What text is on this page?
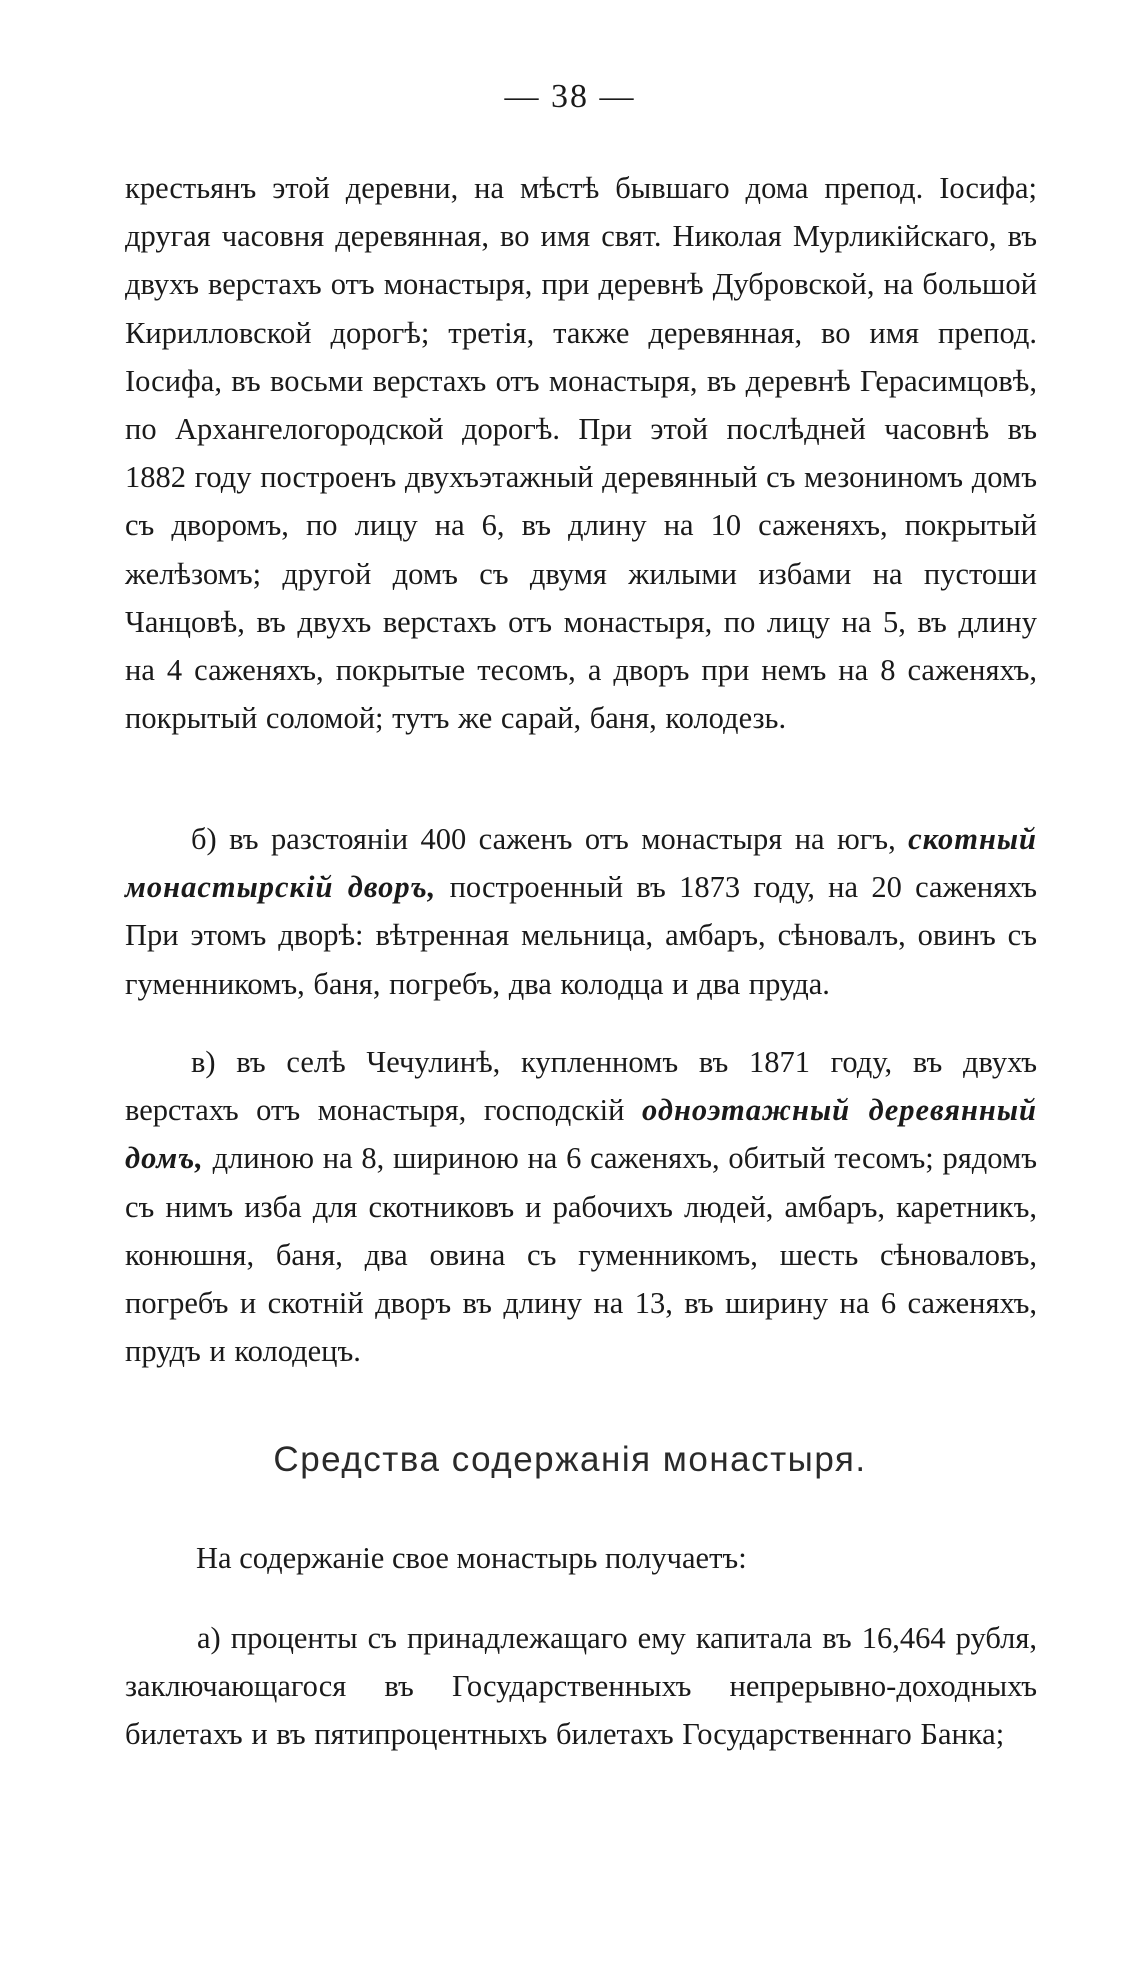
— 38 —

крестьянъ этой деревни, на мѣстѣ бывшаго дома препод. Іосифа; другая часовня деревянная, во имя свят. Николая Мурликійскаго, въ двухъ верстахъ отъ монастыря, при деревнѣ Дубровской, на большой Кирилловской дорогѣ; третія, также деревянная, во имя препод. Іосифа, въ восьми верстахъ отъ монастыря, въ деревнѣ Герасимцовѣ, по Архангелогородской дорогѣ. При этой послѣдней часовнѣ въ 1882 году построенъ двухъэтажный деревянный съ мезониномъ домъ съ дворомъ, по лицу на 6, въ длину на 10 саженяхъ, покрытый желѣзомъ; другой домъ съ двумя жилыми избами на пустоши Чанцовѣ, въ двухъ верстахъ отъ монастыря, по лицу на 5, въ длину на 4 саженяхъ, покрытые тесомъ, а дворъ при немъ на 8 саженяхъ, покрытый соломой; тутъ же сарай, баня, колодезь.

б) въ разстояніи 400 саженъ отъ монастыря на югъ, скотный монастырскій дворъ, построенный въ 1873 году, на 20 саженяхъ При этомъ дворѣ: вѣтренная мельница, амбаръ, сѣновалъ, овинъ съ гуменникомъ, баня, погребъ, два колодца и два пруда.

в) въ селѣ Чечулинѣ, купленномъ въ 1871 году, въ двухъ верстахъ отъ монастыря, господскій одноэтажный деревянный домъ, длиною на 8, шириною на 6 саженяхъ, обитый тесомъ; рядомъ съ нимъ изба для скотниковъ и рабочихъ людей, амбаръ, каретникъ, конюшня, баня, два овина съ гуменникомъ, шесть сѣноваловъ, погребъ и скотній дворъ въ длину на 13, въ ширину на 6 саженяхъ, прудъ и колодецъ.

Средства содержанія монастыря.
На содержаніе свое монастырь получаетъ:

а) проценты съ принадлежащаго ему капитала въ 16,464 рубля, заключающагося въ Государственныхъ непрерывно-доходныхъ билетахъ и въ пятипроцентныхъ билетахъ Государственнаго Банка;
